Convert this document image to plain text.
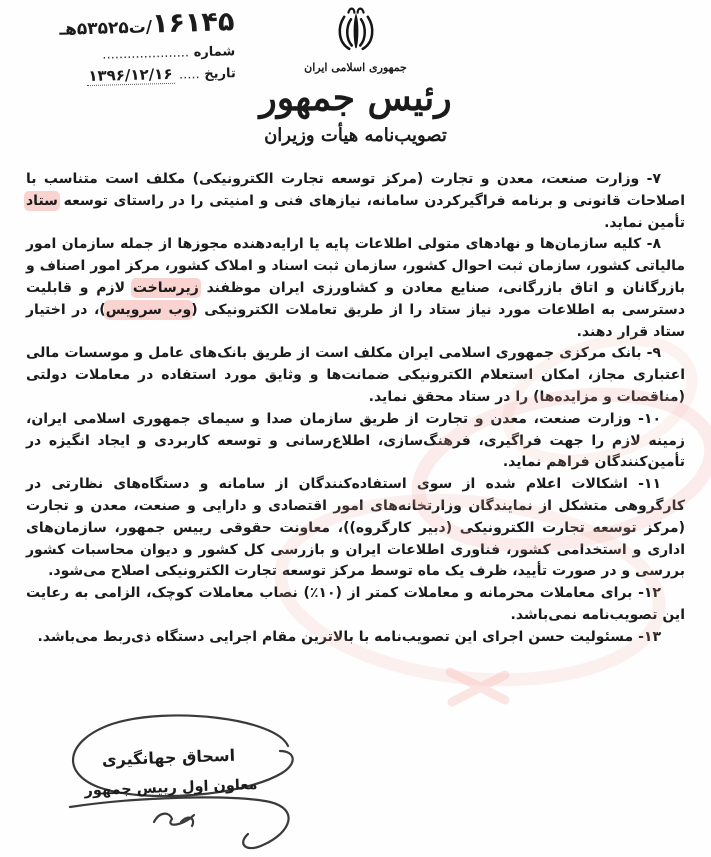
۱۶۱۴۵/ت۵۳۵۲۵هـ
شماره .....................
تاریخ ..... ۱۳۹۶/۱۲/۱۶	جمهوری اسلامی ایران
رئیس جمهور
تصویب‌نامه هیأت وزیران

۷- وزارت صنعت، معدن و تجارت (مرکز توسعه تجارت الکترونیکی) مکلف است متناسب با اصلاحات قانونی و برنامه فراگیرکردن سامانه، نیازهای فنی و امنیتی را در راستای توسعه ستاد تأمین نماید.

۸- کلیه سازمان‌ها و نهادهای متولی اطلاعات پایه یا ارایه‌دهنده مجوزها از جمله سازمان امور مالیاتی کشور، سازمان ثبت احوال کشور، سازمان ثبت اسناد و املاک کشور، مرکز امور اصناف و بازرگانان و اتاق بازرگانی، صنایع معادن و کشاورزی ایران موظفند زیرساخت لازم و قابلیت دسترسی به اطلاعات مورد نیاز ستاد را از طریق تعاملات الکترونیکی (وب سرویس)، در اختیار ستاد قرار دهند.

۹- بانک مرکزی جمهوری اسلامی ایران مکلف است از طریق بانک‌های عامل و موسسات مالی اعتباری مجاز، امکان استعلام الکترونیکی ضمانت‌ها و وثایق مورد استفاده در معاملات دولتی (مناقصات و مزایده‌ها) را در ستاد محقق نماید.

۱۰- وزارت صنعت، معدن و تجارت از طریق سازمان صدا و سیمای جمهوری اسلامی ایران، زمینه لازم را جهت فراگیری، فرهنگ‌سازی، اطلاع‌رسانی و توسعه کاربردی و ایجاد انگیزه در تأمین‌کنندگان فراهم نماید.

۱۱- اشکالات اعلام شده از سوی استفاده‌کنندگان از سامانه و دستگاه‌های نظارتی در کارگروهی متشکل از نمایندگان وزارتخانه‌های امور اقتصادی و دارایی و صنعت، معدن و تجارت (مرکز توسعه تجارت الکترونیکی (دبیر کارگروه))، معاونت حقوقی رییس جمهور، سازمان‌های اداری و استخدامی کشور، فناوری اطلاعات ایران و بازرسی کل کشور و دیوان محاسبات کشور بررسی و در صورت تأیید، ظرف یک ماه توسط مرکز توسعه تجارت الکترونیکی اصلاح می‌شود.

۱۲- برای معاملات محرمانه و معاملات کمتر از (۱۰٪) نصاب معاملات کوچک، الزامی به رعایت این تصویب‌نامه نمی‌باشد.

۱۳- مسئولیت حسن اجرای این تصویب‌نامه با بالاترین مقام اجرایی دستگاه ذی‌ربط می‌باشد.

اسحاق جهانگیری
معاون اول رییس جمهور
